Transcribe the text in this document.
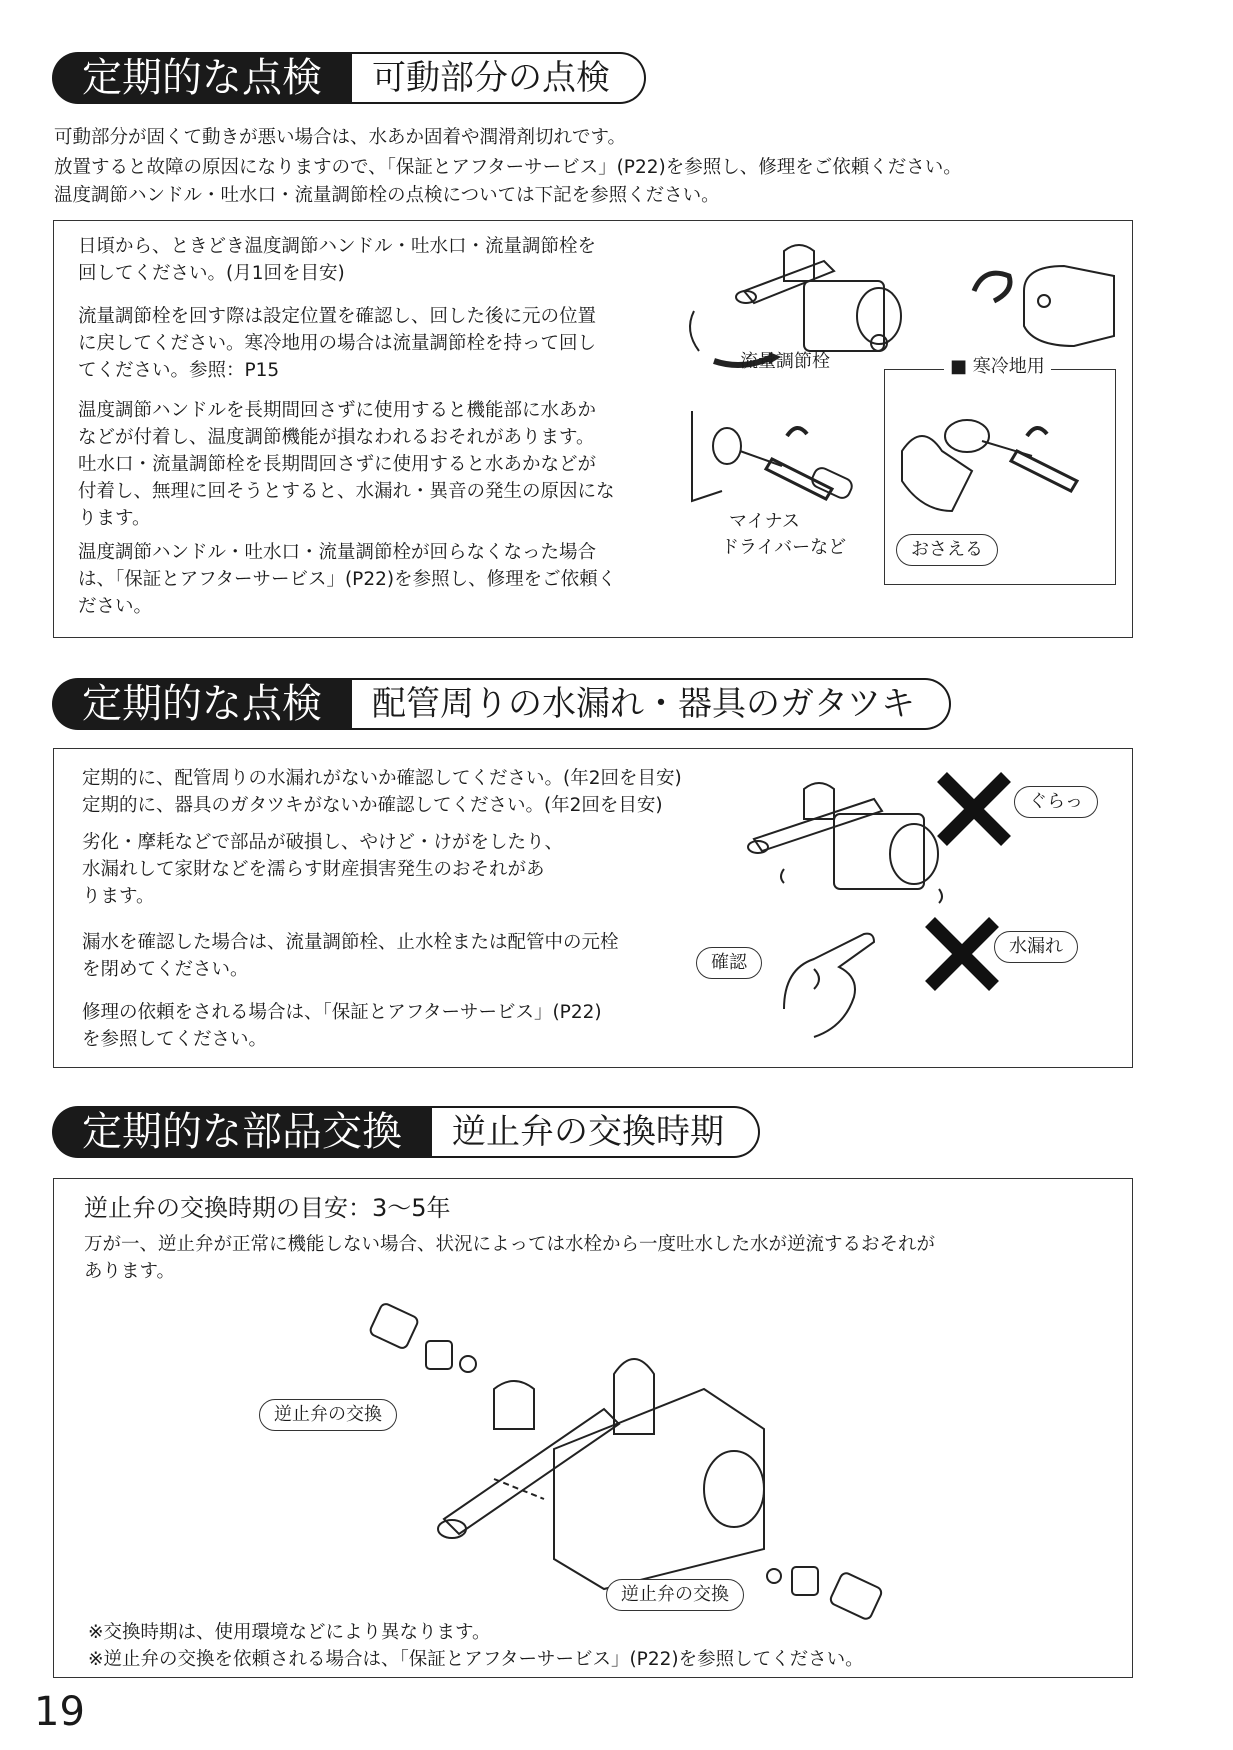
定期的な点検	可動部分の点検
可動部分が固くて動きが悪い場合は、水あか固着や潤滑剤切れです。
放置すると故障の原因になりますので、「保証とアフターサービス」(P22)を参照し、修理をご依頼ください。
温度調節ハンドル・吐水口・流量調節栓の点検については下記を参照ください。
日頃から、ときどき温度調節ハンドル・吐水口・流量調節栓を
回してください。(月1回を目安)
流量調節栓を回す際は設定位置を確認し、回した後に元の位置
に戻してください。寒冷地用の場合は流量調節栓を持って回し
てください。参照：P15
温度調節ハンドルを長期間回さずに使用すると機能部に水あか
などが付着し、温度調節機能が損なわれるおそれがあります。
吐水口・流量調節栓を長期間回さずに使用すると水あかなどが
付着し、無理に回そうとすると、水漏れ・異音の発生の原因にな
ります。
温度調節ハンドル・吐水口・流量調節栓が回らなくなった場合
は、「保証とアフターサービス」(P22)を参照し、修理をご依頼く
ださい。
流量調節栓	■ 寒冷地用
マイナス
ドライバーなど	おさえる
定期的な点検	配管周りの水漏れ・器具のガタツキ
定期的に、配管周りの水漏れがないか確認してください。(年2回を目安)
定期的に、器具のガタツキがないか確認してください。(年2回を目安)
劣化・摩耗などで部品が破損し、やけど・けがをしたり、
水漏れして家財などを濡らす財産損害発生のおそれがあ
ります。
漏水を確認した場合は、流量調節栓、止水栓または配管中の元栓
を閉めてください。
修理の依頼をされる場合は、「保証とアフターサービス」(P22)
を参照してください。
ぐらっ
水漏れ
確認
定期的な部品交換	逆止弁の交換時期
逆止弁の交換時期の目安：3〜5年
万が一、逆止弁が正常に機能しない場合、状況によっては水栓から一度吐水した水が逆流するおそれが
あります。
逆止弁の交換
逆止弁の交換
※交換時期は、使用環境などにより異なります。
※逆止弁の交換を依頼される場合は、「保証とアフターサービス」(P22)を参照してください。
19
